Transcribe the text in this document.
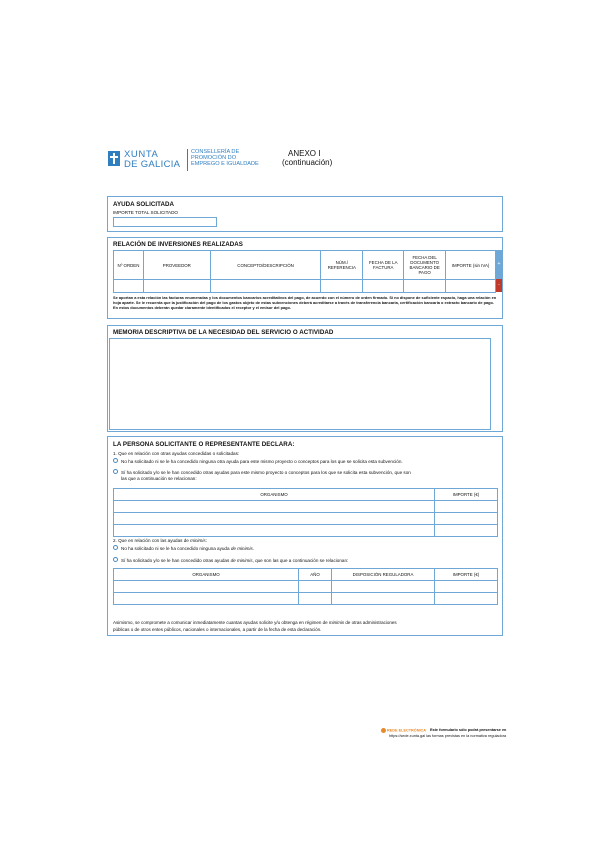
XUNTA
DE GALICIA
CONSELLERÍA DE
PROMOCIÓN DO
EMPREGO E IGUALDADE
ANEXO I
(continuación)
AYUDA SOLICITADA
IMPORTE TOTAL SOLICITADO
RELACIÓN DE INVERSIONES REALIZADAS
Nº ORDEN	PROVEEDOR	CONCEPTO/DESCRIPCIÓN	NÚM./ REFERENCIA	FECHA DE LA FACTURA	FECHA DEL DOCUMENTO BANCARIO DE PAGO	IMPORTE (sin IVA)
							+
-
Se aportan a esta relación las facturas enumeradas y los documentos bancarios acreditativos del pago, de acuerdo con el número de orden firmado. Si no dispone de suficiente espacio, haga una relación en hoja aparte. Se le recuerda que la justificación del pago de los gastos objeto de estas subvenciones deberá acreditarse a través de transferencia bancaria, certificación bancaria o extracto bancario de pago. En estos documentos deberán quedar claramente identificados el receptor y el emisor del pago.
MEMORIA DESCRIPTIVA DE LA NECESIDAD DEL SERVICIO O ACTIVIDAD
LA PERSONA SOLICITANTE O REPRESENTANTE DECLARA:
1. Que en relación con otras ayudas concedidas o solicitadas:
No ha solicitado ni se le ha concedido ninguna otra ayuda para este mismo proyecto o conceptos para los que se solicita esta subvención.
Sí ha solicitado y/o se le han concedido otras ayudas para este mismo proyecto o conceptos para los que se solicita esta subvención, que son
las que a continuación se relacionan:
ORGANISMO	IMPORTE (€)

2. Que en relación con las ayudas de minimis:
No ha solicitado ni se le ha concedido ninguna ayuda de minimis.
Sí ha solicitado y/o se le han concedido otras ayudas de minimis, que son las que a continuación se relacionan:
ORGANISMO	AÑO	DISPOSICIÓN REGULADORA	IMPORTE (€)

Asimismo, se compromete a comunicar inmediatamente cuantas ayudas solicite y/u obtenga en régimen de minimis de otras administraciones
públicas o de otros entes públicos, nacionales o internacionales, a partir de la fecha de esta declaración.
REDE ELECTRÓNICA Este formulario sólo podrá presentarse en
https://sede.xunta.gal las formas previstas en la normativa reguladora
